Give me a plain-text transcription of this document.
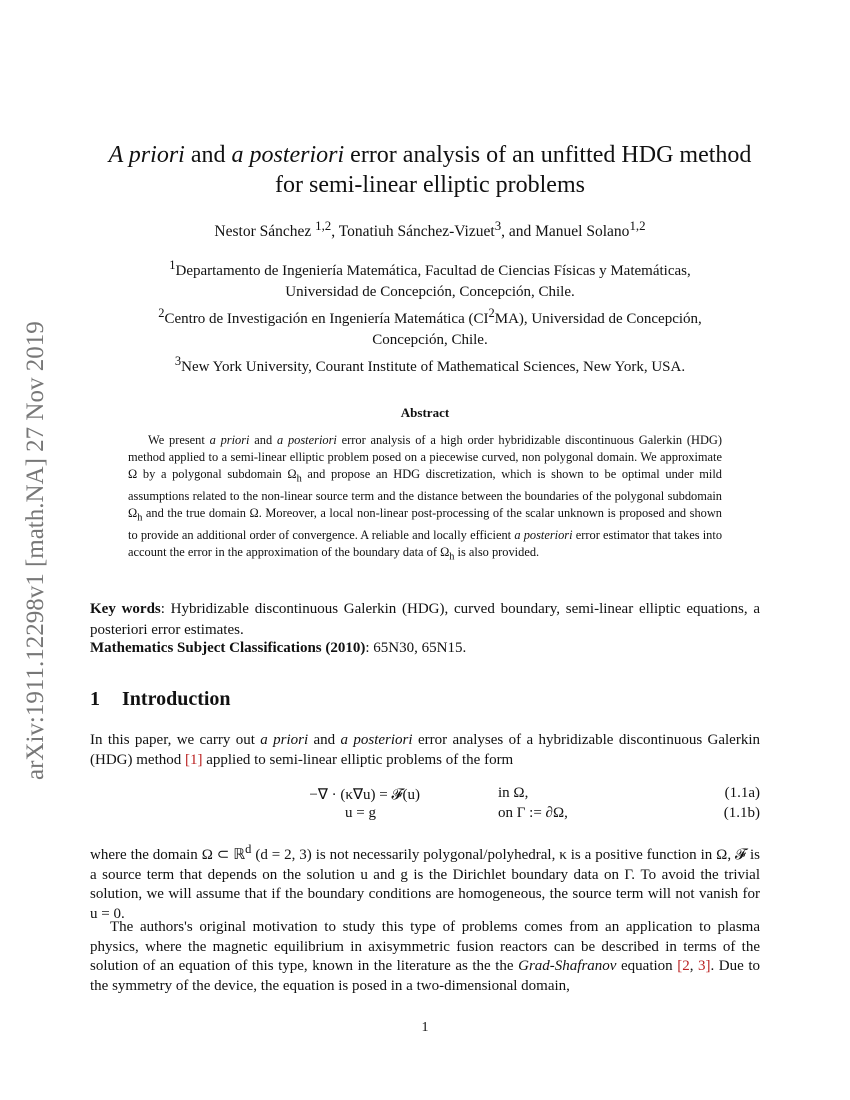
arXiv:1911.12298v1 [math.NA] 27 Nov 2019
A priori and a posteriori error analysis of an unfitted HDG method
for semi-linear elliptic problems
Nestor Sánchez $^{1,2}$, Tonatiuh Sánchez-Vizuet$^3$, and Manuel Solano$^{1,2}$
$^1$Departamento de Ingeniería Matemática, Facultad de Ciencias Físicas y Matemáticas,
Universidad de Concepción, Concepción, Chile.
$^2$Centro de Investigación en Ingeniería Matemática $(CI^2MA)$, Universidad de Concepción,
Concepción, Chile.
$^3$New York University, Courant Institute of Mathematical Sciences, New York, USA.
Abstract
We present a priori and a posteriori error analysis of a high order hybridizable discontinuous Galerkin (HDG) method applied to a semi-linear elliptic problem posed on a piecewise curved, non polygonal domain. We approximate Ω by a polygonal subdomain $\Omega_h$ and propose an HDG discretization, which is shown to be optimal under mild assumptions related to the non-linear source term and the distance between the boundaries of the polygonal subdomain $\Omega_h$ and the true domain Ω. Moreover, a local non-linear post-processing of the scalar unknown is proposed and shown to provide an additional order of convergence. A reliable and locally efficient a posteriori error estimator that takes into account the error in the approximation of the boundary data of $\Omega_h$ is also provided.
Key words: Hybridizable discontinuous Galerkin (HDG), curved boundary, semi-linear elliptic equations, a posteriori error estimates.
Mathematics Subject Classifications (2010): 65N30, 65N15.
1 Introduction
In this paper, we carry out a priori and a posteriori error analyses of a hybridizable discontinuous Galerkin (HDG) method [1] applied to semi-linear elliptic problems of the form
−∇ · (κ∇u) = 𝓕(u)	in Ω,	(1.1a)
u = g	on Γ := ∂Ω,	(1.1b)
where the domain Ω ⊂ ℝ$^d$ (d = 2, 3) is not necessarily polygonal/polyhedral, κ is a positive function in Ω, 𝓕 is a source term that depends on the solution u and g is the Dirichlet boundary data on Γ. To avoid the trivial solution, we will assume that if the boundary conditions are homogeneous, the source term will not vanish for u = 0.
The authors's original motivation to study this type of problems comes from an application to plasma physics, where the magnetic equilibrium in axisymmetric fusion reactors can be described in terms of the solution of an equation of this type, known in the literature as the the Grad-Shafranov equation [2, 3]. Due to the symmetry of the device, the equation is posed in a two-dimensional domain,
1
